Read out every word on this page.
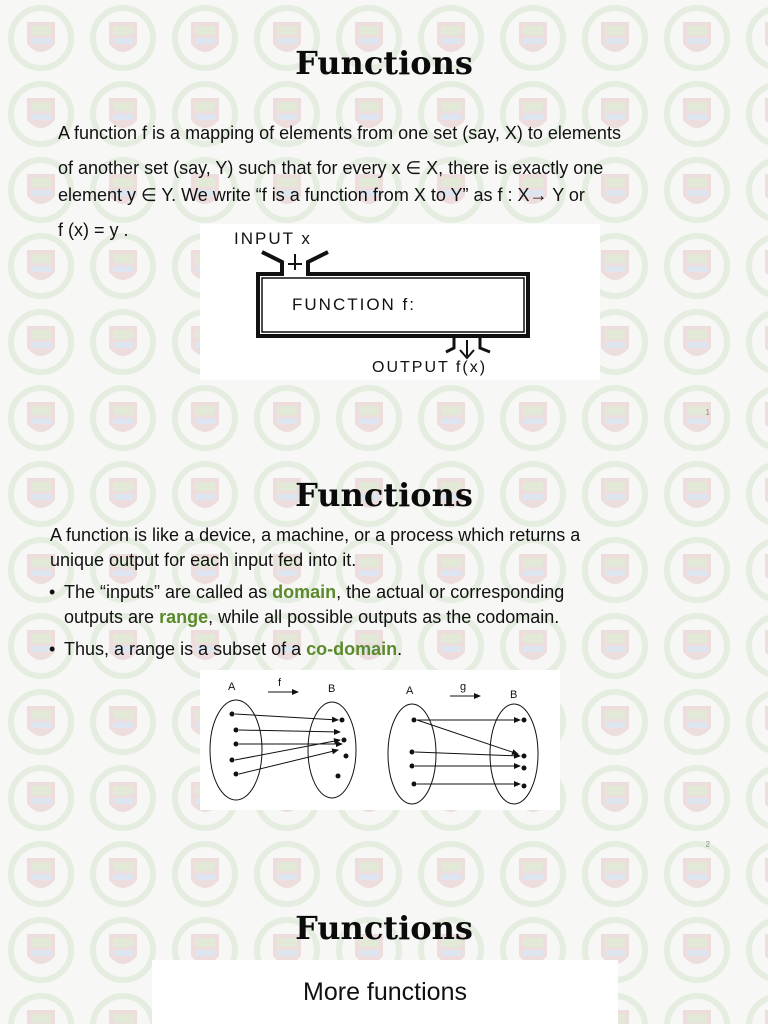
Functions
A function f is a mapping of elements from one set (say, X) to elements
of another set (say, Y) such that for every x ∈ X, there is exactly one
element y ∈ Y. We write “f is a function from X to Y” as f : X→ Y or
f (x) = y .	INPUT x
FUNCTION f:
OUTPUT f(x)
1
Functions
A function is like a device, a machine, or a process which returns a
unique output for each input fed into it.
• The “inputs” are called as domain, the actual or corresponding
outputs are range, while all possible outputs as the codomain.
• Thus, a range is a subset of a co-domain.
A	f	B	A	g
B
2
Functions
More functions
